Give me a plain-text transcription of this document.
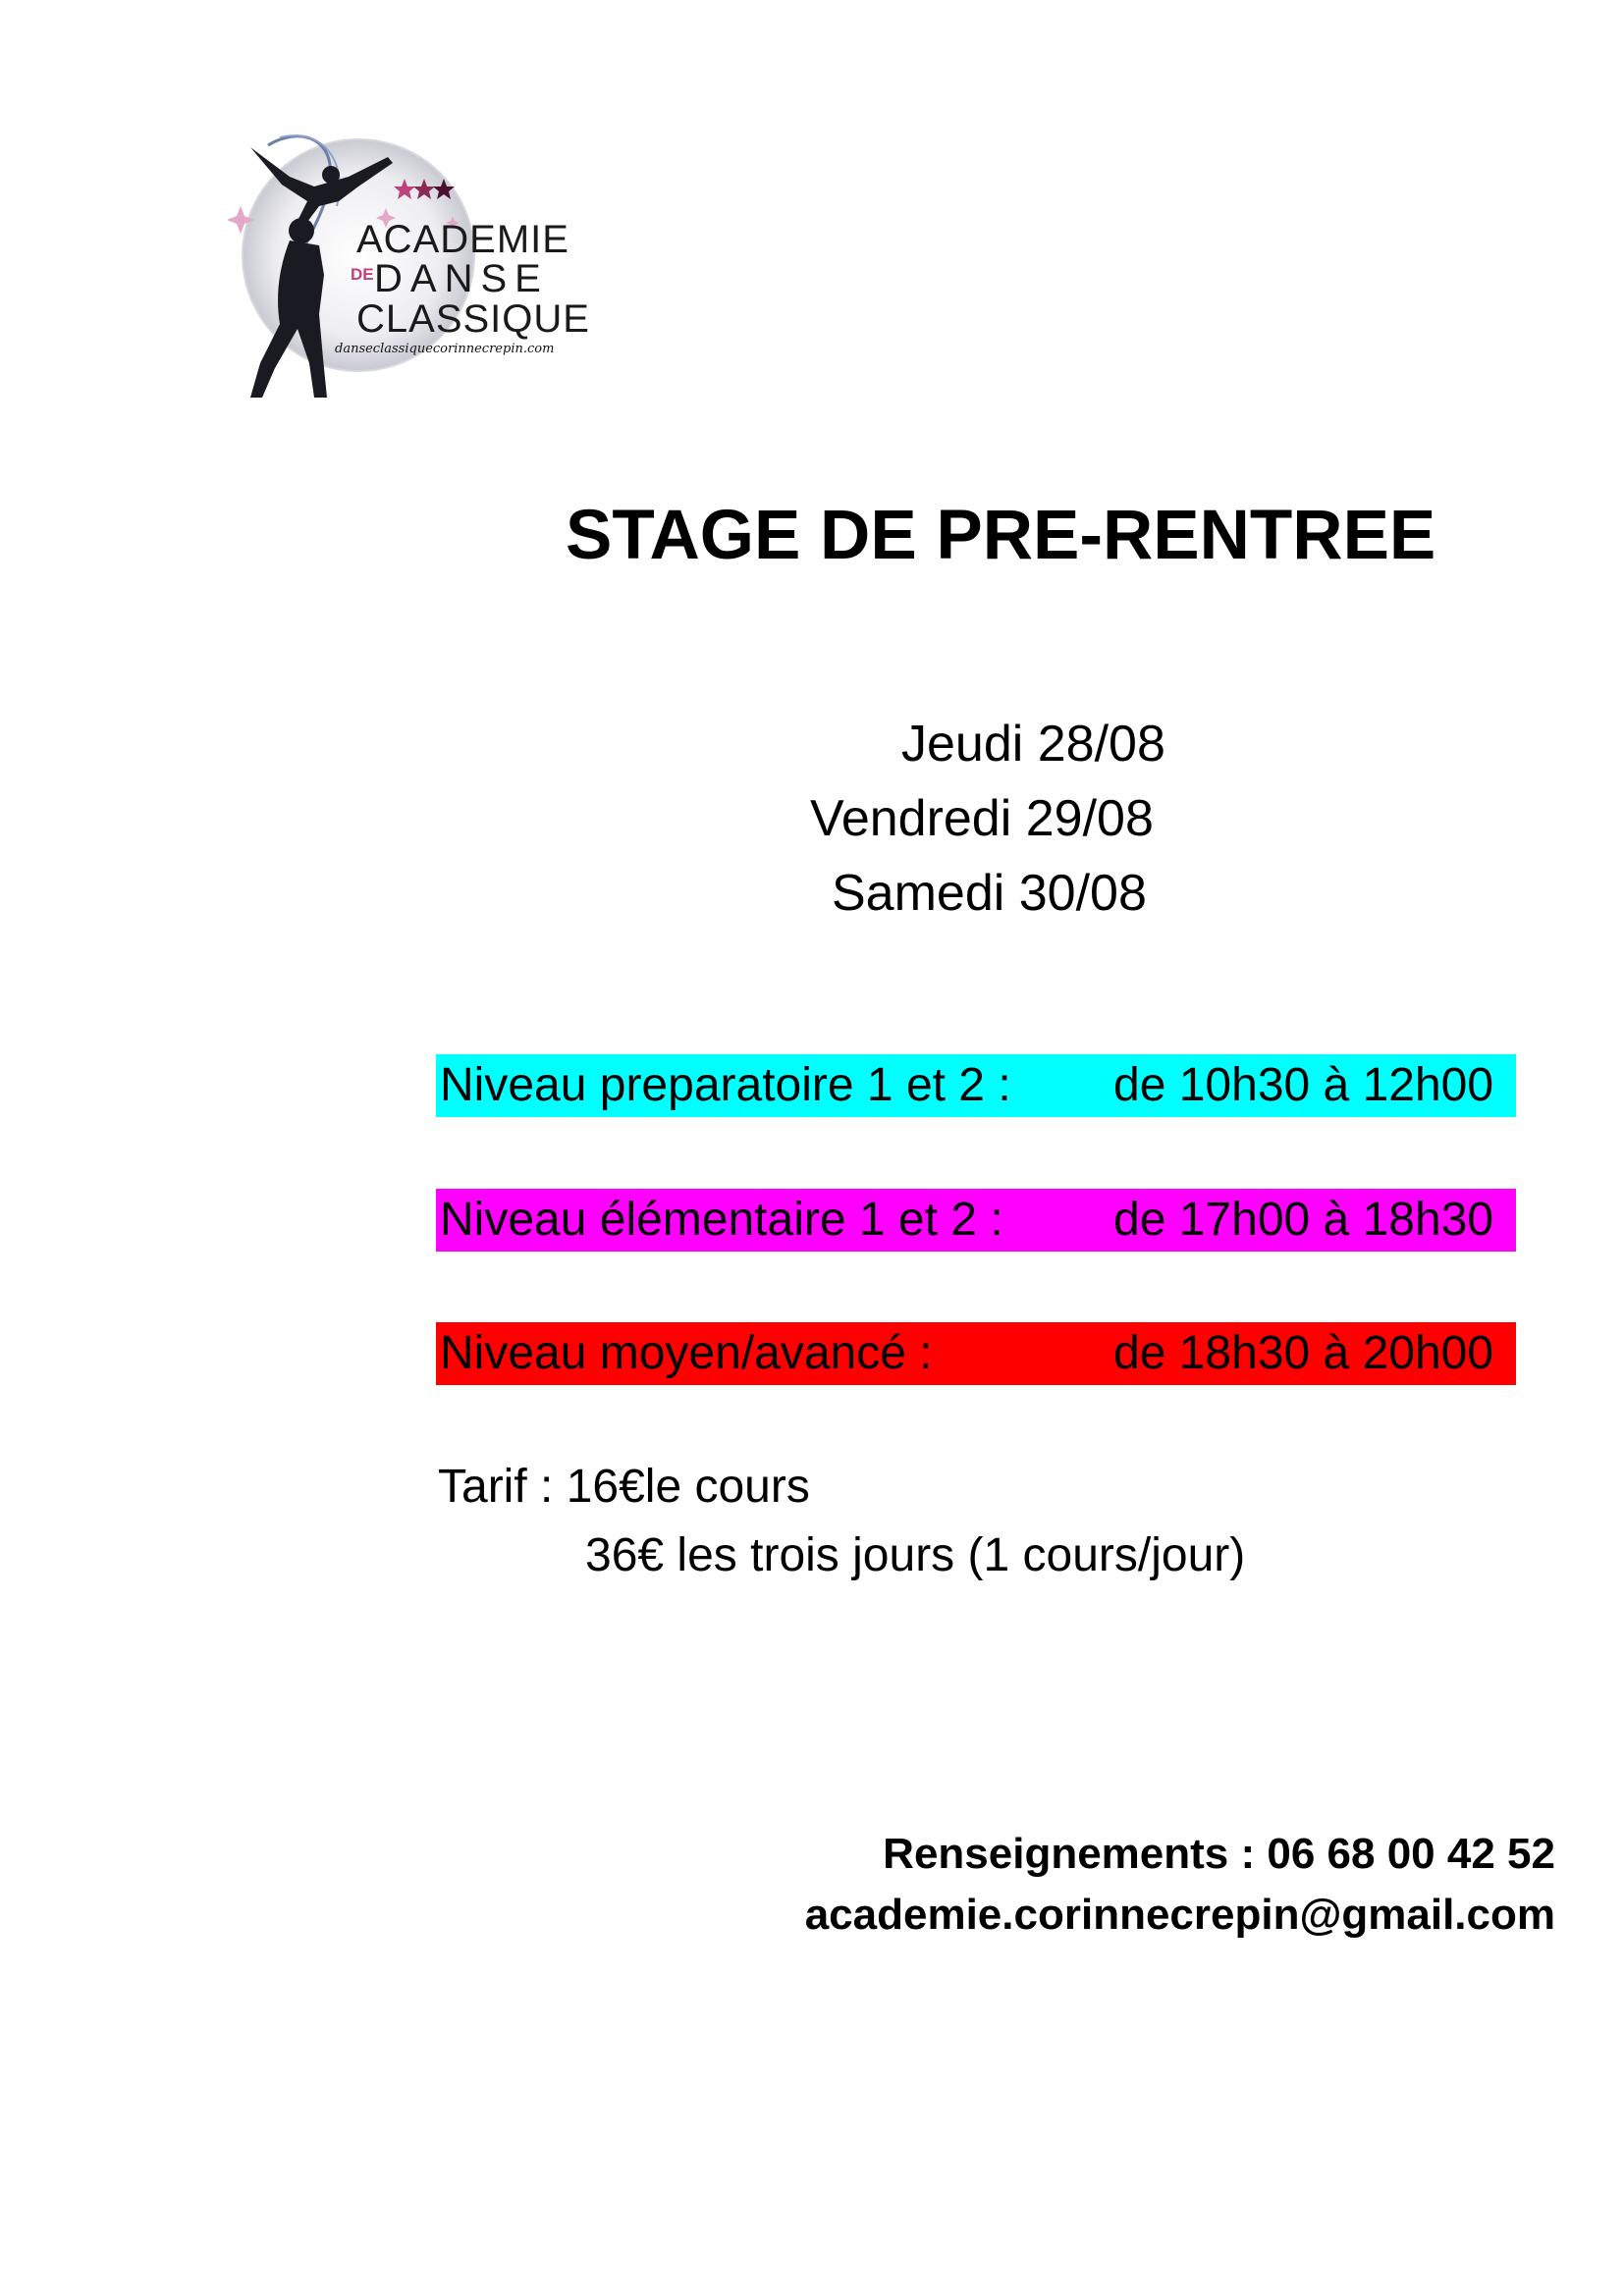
ACADEMIE
DE DANSE
CLASSIQUE
danseclassiquecorinnecrepin.com
STAGE DE PRE-RENTREE
Jeudi 28/08
Vendredi 29/08
Samedi 30/08
Niveau preparatoire 1 et 2 : de 10h30 à 12h00
Niveau élémentaire 1 et 2 : de 17h00 à 18h30
Niveau moyen/avancé :	de 18h30 à 20h00
Tarif : 16€le cours
36€ les trois jours (1 cours/jour)
Renseignements : 06 68 00 42 52
academie.corinnecrepin@gmail.com
